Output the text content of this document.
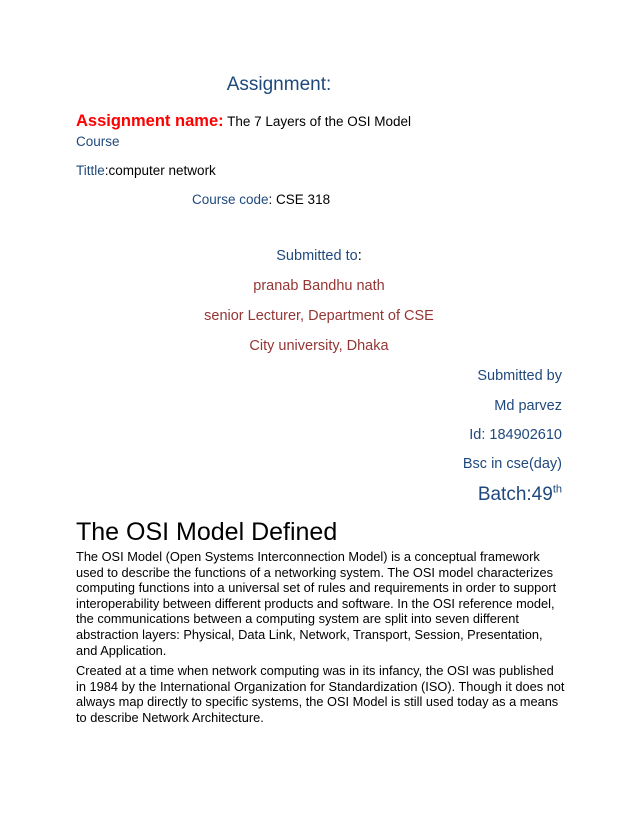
Assignment:
Assignment name: The 7 Layers of the OSI Model
Course
Tittle:computer network
Course code: CSE 318
Submitted to:
pranab Bandhu nath
senior Lecturer, Department of CSE
City university, Dhaka
Submitted by
Md parvez
Id: 184902610
Bsc in cse(day)
Batch:49th
The OSI Model Defined

The OSI Model (Open Systems Interconnection Model) is a conceptual framework used to describe the functions of a networking system. The OSI model characterizes computing functions into a universal set of rules and requirements in order to support interoperability between different products and software. In the OSI reference model, the communications between a computing system are split into seven different abstraction layers: Physical, Data Link, Network, Transport, Session, Presentation, and Application.

Created at a time when network computing was in its infancy, the OSI was published in 1984 by the International Organization for Standardization (ISO). Though it does not always map directly to specific systems, the OSI Model is still used today as a means to describe Network Architecture.
